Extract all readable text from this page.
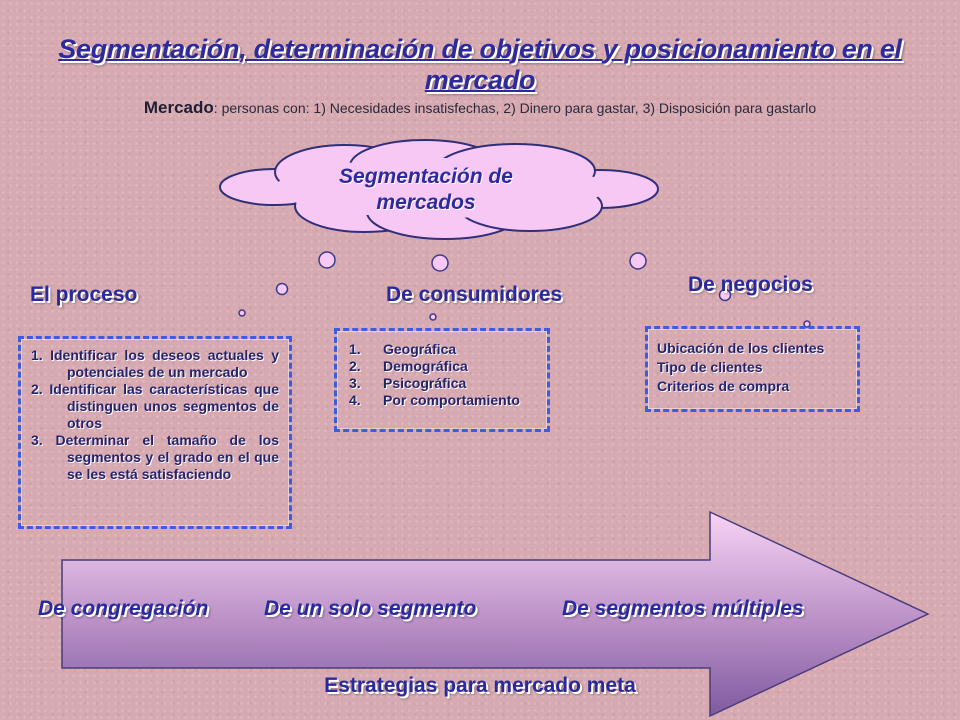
Segmentación, determinación de objetivos y posicionamiento en el mercado
Mercado: personas con: 1) Necesidades insatisfechas, 2) Dinero para gastar, 3) Disposición para gastarlo
Segmentación de
mercados
El proceso	De consumidores	De negocios
1. Identificar los deseos actuales y potenciales de un mercado
2. Identificar las características que distinguen unos segmentos de otros
3. Determinar el tamaño de los segmentos y el grado en el que se les está satisfaciendo
1. Geográfica
2. Demográfica
3. Psicográfica
4. Por comportamiento
Ubicación de los clientes
Tipo de clientes
Criterios de compra
De congregación	De un solo segmento	De segmentos múltiples
Estrategias para mercado meta
